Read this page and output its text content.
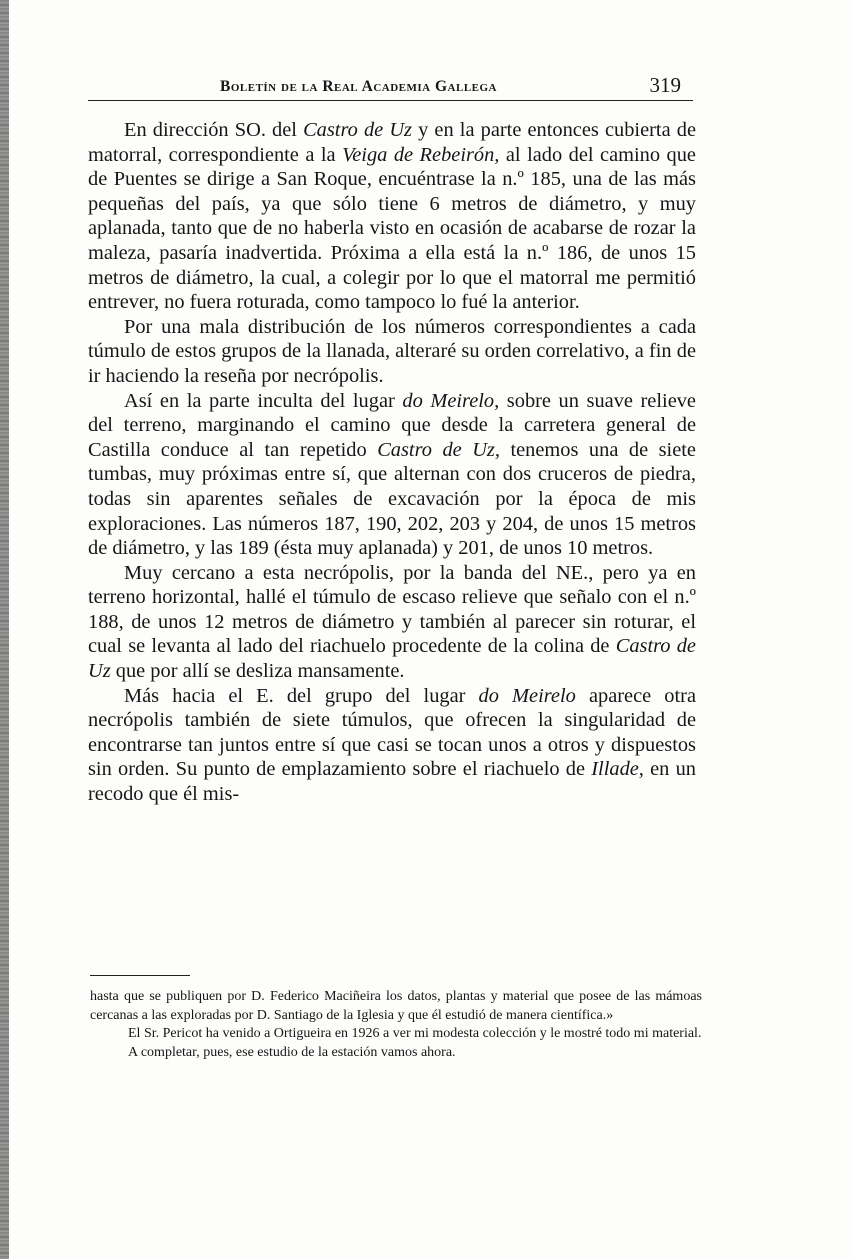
Boletín de la Real Academia Gallega	319

En dirección SO. del Castro de Uz y en la parte entonces cubierta de matorral, correspondiente a la Veiga de Rebeirón, al lado del camino que de Puentes se dirige a San Roque, encuéntrase la n.º 185, una de las más pequeñas del país, ya que sólo tiene 6 metros de diámetro, y muy aplanada, tanto que de no haberla visto en ocasión de acabarse de rozar la maleza, pasaría inadvertida. Próxima a ella está la n.º 186, de unos 15 metros de diámetro, la cual, a colegir por lo que el matorral me permitió entrever, no fuera roturada, como tampoco lo fué la anterior.

Por una mala distribución de los números correspondientes a cada túmulo de estos grupos de la llanada, alteraré su orden correlativo, a fin de ir haciendo la reseña por necrópolis.

Así en la parte inculta del lugar do Meirelo, sobre un suave relieve del terreno, marginando el camino que desde la carretera general de Castilla conduce al tan repetido Castro de Uz, tenemos una de siete tumbas, muy próximas entre sí, que alternan con dos cruceros de piedra, todas sin aparentes señales de excavación por la época de mis exploraciones. Las números 187, 190, 202, 203 y 204, de unos 15 metros de diámetro, y las 189 (ésta muy aplanada) y 201, de unos 10 metros.

Muy cercano a esta necrópolis, por la banda del NE., pero ya en terreno horizontal, hallé el túmulo de escaso relieve que señalo con el n.º 188, de unos 12 metros de diámetro y también al parecer sin roturar, el cual se levanta al lado del riachuelo procedente de la colina de Castro de Uz que por allí se desliza mansamente.

Más hacia el E. del grupo del lugar do Meirelo aparece otra necrópolis también de siete túmulos, que ofrecen la singularidad de encontrarse tan juntos entre sí que casi se tocan unos a otros y dispuestos sin orden. Su punto de emplazamiento sobre el riachuelo de Illade, en un recodo que él mis-

hasta que se publiquen por D. Federico Maciñeira los datos, plantas y material que posee de las mámoas cercanas a las exploradas por D. Santiago de la Iglesia y que él estudió de manera científica.»

El Sr. Pericot ha venido a Ortigueira en 1926 a ver mi modesta colección y le mostré todo mi material.

A completar, pues, ese estudio de la estación vamos ahora.
